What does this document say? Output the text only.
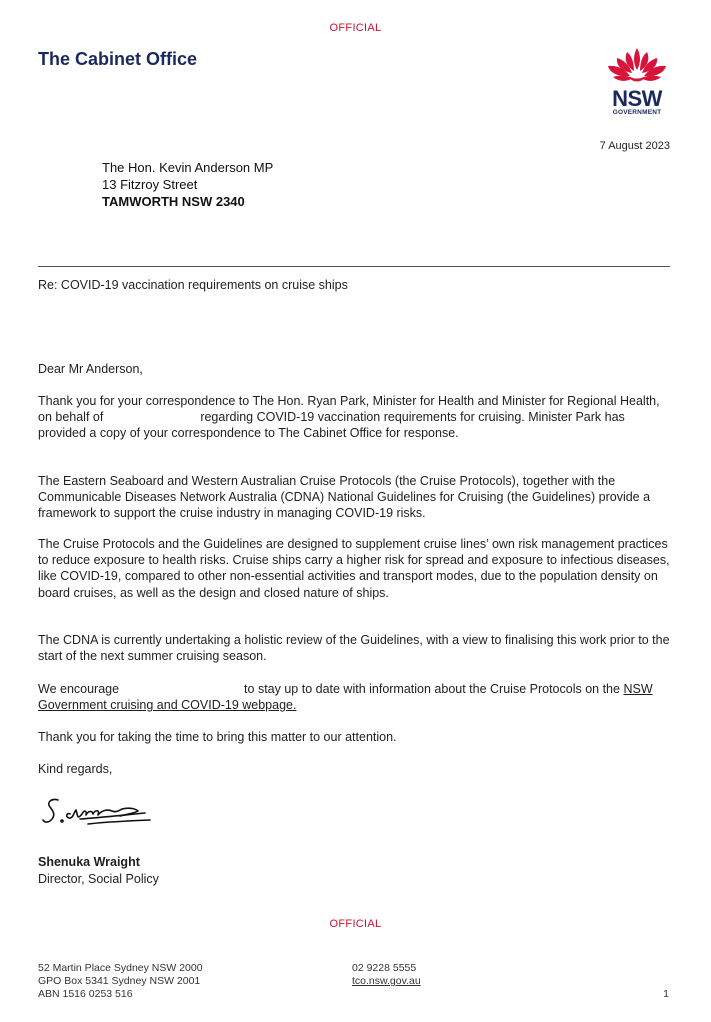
OFFICIAL
The Cabinet Office
NSW
GOVERNMENT
7 August 2023
The Hon. Kevin Anderson MP
13 Fitzroy Street
TAMWORTH NSW 2340
Re: COVID-19 vaccination requirements on cruise ships
Dear Mr Anderson,

Thank you for your correspondence to The Hon. Ryan Park, Minister for Health and Minister for Regional Health, on behalf of	regarding COVID-19 vaccination requirements for cruising. Minister Park has provided a copy of your correspondence to The Cabinet Office for response.

The Eastern Seaboard and Western Australian Cruise Protocols (the Cruise Protocols), together with the Communicable Diseases Network Australia (CDNA) National Guidelines for Cruising (the Guidelines) provide a framework to support the cruise industry in managing COVID-19 risks.
The Cruise Protocols and the Guidelines are designed to supplement cruise lines’ own risk management practices to reduce exposure to health risks. Cruise ships carry a higher risk for spread and exposure to infectious diseases, like COVID-19, compared to other non-essential activities and transport modes, due to the population density on board cruises, as well as the design and closed nature of ships.
The CDNA is currently undertaking a holistic review of the Guidelines, with a view to finalising this work prior to the start of the next summer cruising season.

We encourage	to stay up to date with information about the Cruise Protocols on the NSW Government cruising and COVID-19 webpage.

Thank you for taking the time to bring this matter to our attention.
Kind regards,
Shenuka Wraight
Director, Social Policy
OFFICIAL
52 Martin Place Sydney NSW 2000
GPO Box 5341 Sydney NSW 2001
ABN 1516 0253 516
02 9228 5555
tco.nsw.gov.au
1
